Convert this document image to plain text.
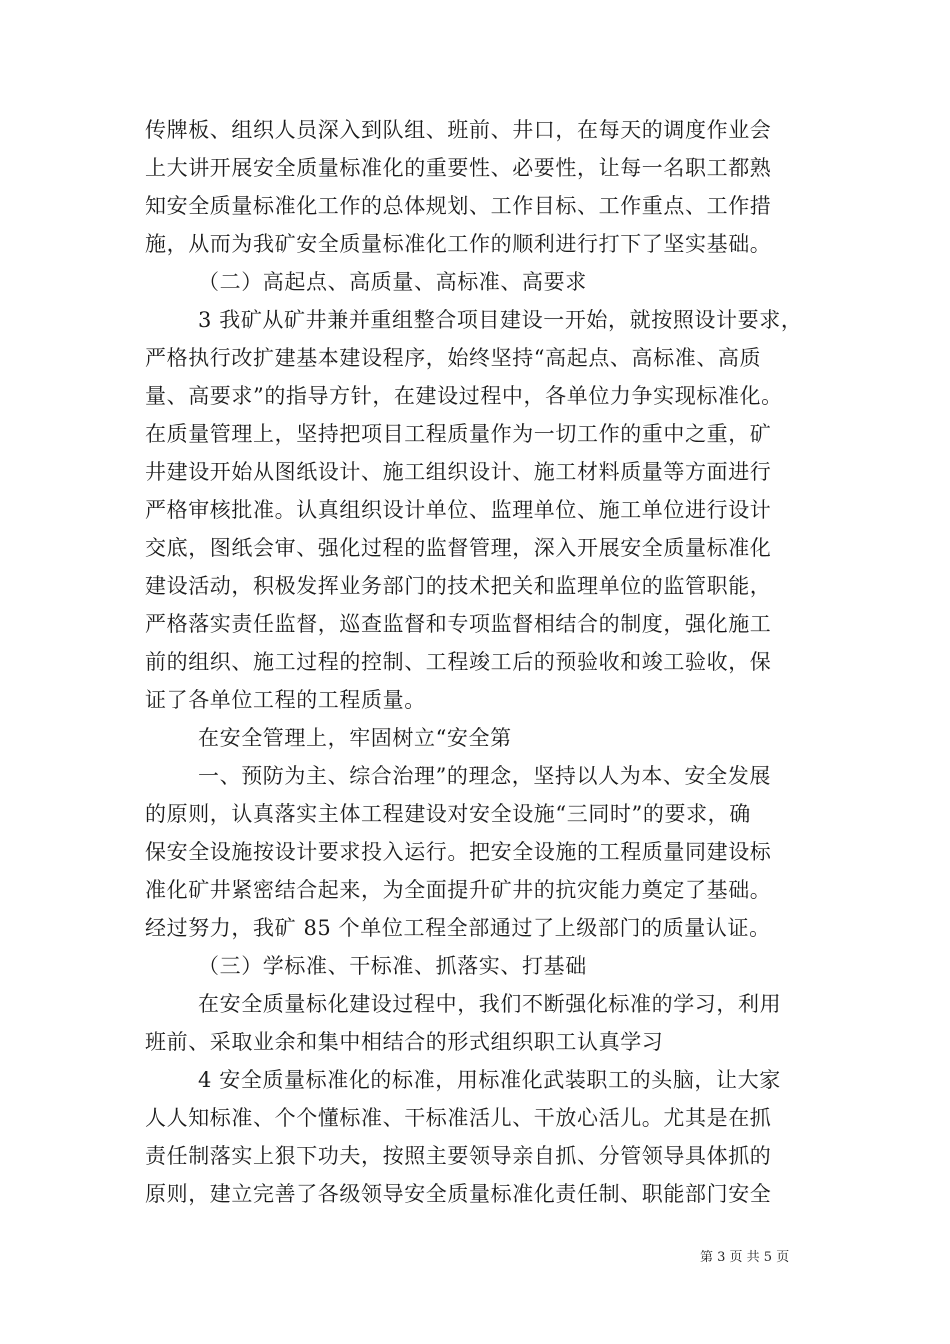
传牌板、组织人员深入到队组、班前、井口，在每天的调度作业会
上大讲开展安全质量标准化的重要性、必要性，让每一名职工都熟
知安全质量标准化工作的总体规划、工作目标、工作重点、工作措
施，从而为我矿安全质量标准化工作的顺利进行打下了坚实基础。
（二）高起点、高质量、高标准、高要求
3 我矿从矿井兼并重组整合项目建设一开始，就按照设计要求，
严格执行改扩建基本建设程序，始终坚持“高起点、高标准、高质
量、高要求”的指导方针，在建设过程中，各单位力争实现标准化。
在质量管理上，坚持把项目工程质量作为一切工作的重中之重，矿
井建设开始从图纸设计、施工组织设计、施工材料质量等方面进行
严格审核批准。认真组织设计单位、监理单位、施工单位进行设计
交底，图纸会审、强化过程的监督管理，深入开展安全质量标准化
建设活动，积极发挥业务部门的技术把关和监理单位的监管职能，
严格落实责任监督，巡查监督和专项监督相结合的制度，强化施工
前的组织、施工过程的控制、工程竣工后的预验收和竣工验收，保
证了各单位工程的工程质量。
在安全管理上，牢固树立“安全第
一、预防为主、综合治理”的理念，坚持以人为本、安全发展
的原则，认真落实主体工程建设对安全设施“三同时”的要求，确
保安全设施按设计要求投入运行。把安全设施的工程质量同建设标
准化矿井紧密结合起来，为全面提升矿井的抗灾能力奠定了基础。
经过努力，我矿 85 个单位工程全部通过了上级部门的质量认证。
（三）学标准、干标准、抓落实、打基础
在安全质量标化建设过程中，我们不断强化标准的学习，利用
班前、采取业余和集中相结合的形式组织职工认真学习
4 安全质量标准化的标准，用标准化武装职工的头脑，让大家
人人知标准、个个懂标准、干标准活儿、干放心活儿。尤其是在抓
责任制落实上狠下功夫，按照主要领导亲自抓、分管领导具体抓的
原则，建立完善了各级领导安全质量标准化责任制、职能部门安全
第 3 页 共 5 页
